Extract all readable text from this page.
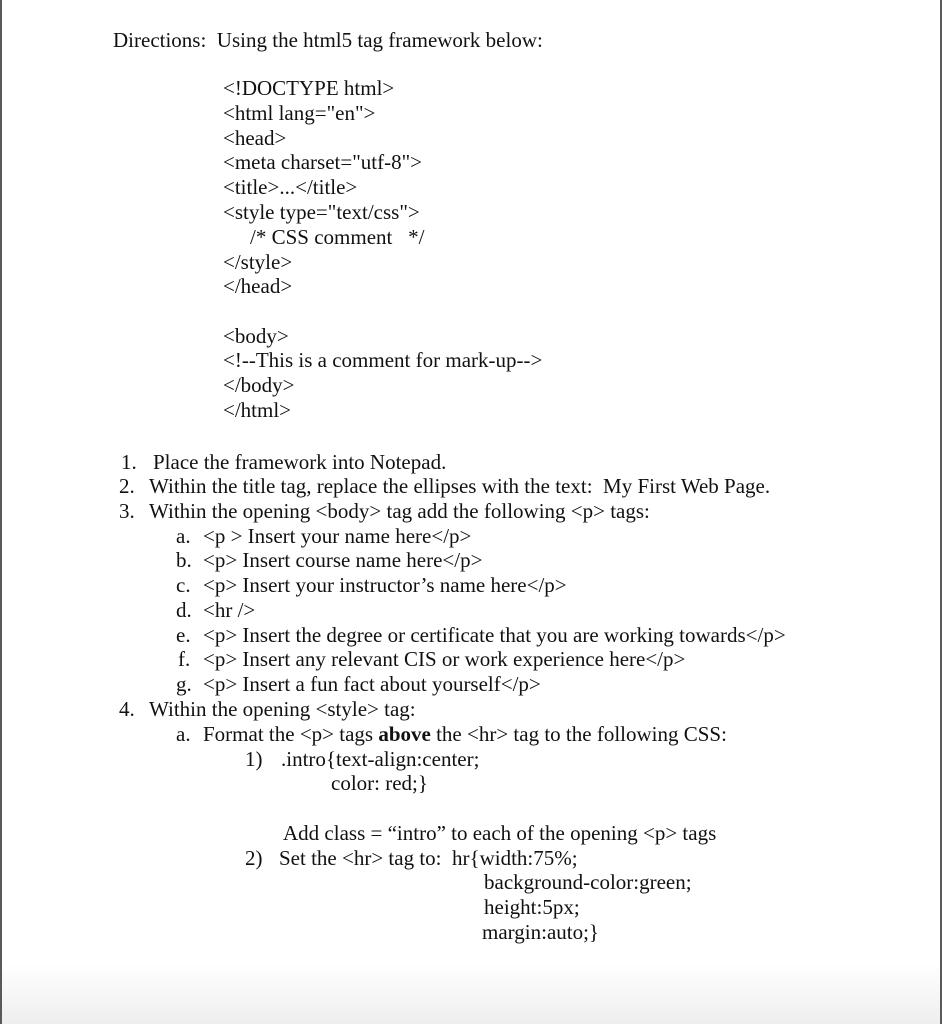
Directions:  Using the html5 tag framework below:
<!DOCTYPE html>
<html lang="en">
<head>
<meta charset="utf-8">
<title>...</title>
<style type="text/css">
/* CSS comment   */
</style>
</head>
<body>
<!--This is a comment for mark-up-->
</body>
</html>
1. Place the framework into Notepad.
2. Within the title tag, replace the ellipses with the text:  My First Web Page.
3. Within the opening <body> tag add the following <p> tags:
a. <p > Insert your name here</p>
b. <p> Insert course name here</p>
c. <p> Insert your instructor’s name here</p>
d. <hr />
e. <p> Insert the degree or certificate that you are working towards</p>
f. <p> Insert any relevant CIS or work experience here</p>
g. <p> Insert a fun fact about yourself</p>
4. Within the opening <style> tag:
a. Format the <p> tags above the <hr> tag to the following CSS:
1) .intro{text-align:center;
color: red;}
Add class = “intro” to each of the opening <p> tags
2) Set the <hr> tag to:  hr{width:75%;
background-color:green;
height:5px;
margin:auto;}
